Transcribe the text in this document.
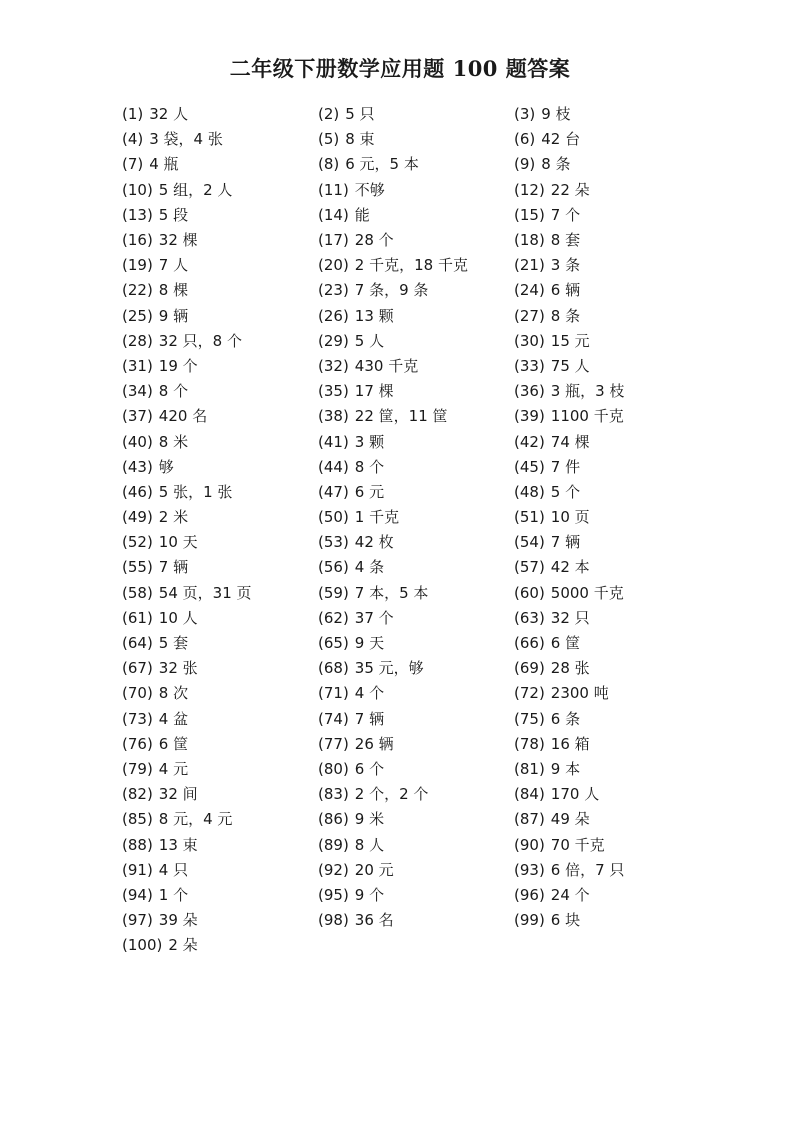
二年级下册数学应用题 100 题答案
(1) 32 人	(2) 5 只	(3) 9 枝
(4) 3 袋，4 张	(5) 8 束	(6) 42 台
(7) 4 瓶	(8) 6 元，5 本	(9) 8 条
(10) 5 组，2 人	(11) 不够	(12) 22 朵
(13) 5 段	(14) 能	(15) 7 个
(16) 32 棵	(17) 28 个	(18) 8 套
(19) 7 人	(20) 2 千克，18 千克	(21) 3 条
(22) 8 棵	(23) 7 条，9 条	(24) 6 辆
(25) 9 辆	(26) 13 颗	(27) 8 条
(28) 32 只，8 个	(29) 5 人	(30) 15 元
(31) 19 个	(32) 430 千克	(33) 75 人
(34) 8 个	(35) 17 棵	(36) 3 瓶，3 枝
(37) 420 名	(38) 22 筐，11 筐	(39) 1100 千克
(40) 8 米	(41) 3 颗	(42) 74 棵
(43) 够	(44) 8 个	(45) 7 件
(46) 5 张，1 张	(47) 6 元	(48) 5 个
(49) 2 米	(50) 1 千克	(51) 10 页
(52) 10 天	(53) 42 枚	(54) 7 辆
(55) 7 辆	(56) 4 条	(57) 42 本
(58) 54 页，31 页	(59) 7 本，5 本	(60) 5000 千克
(61) 10 人	(62) 37 个	(63) 32 只
(64) 5 套	(65) 9 天	(66) 6 筐
(67) 32 张	(68) 35 元，够	(69) 28 张
(70) 8 次	(71) 4 个	(72) 2300 吨
(73) 4 盆	(74) 7 辆	(75) 6 条
(76) 6 筐	(77) 26 辆	(78) 16 箱
(79) 4 元	(80) 6 个	(81) 9 本
(82) 32 间	(83) 2 个，2 个	(84) 170 人
(85) 8 元，4 元	(86) 9 米	(87) 49 朵
(88) 13 束	(89) 8 人	(90) 70 千克
(91) 4 只	(92) 20 元	(93) 6 倍，7 只
(94) 1 个	(95) 9 个	(96) 24 个
(97) 39 朵	(98) 36 名	(99) 6 块
(100) 2 朵
